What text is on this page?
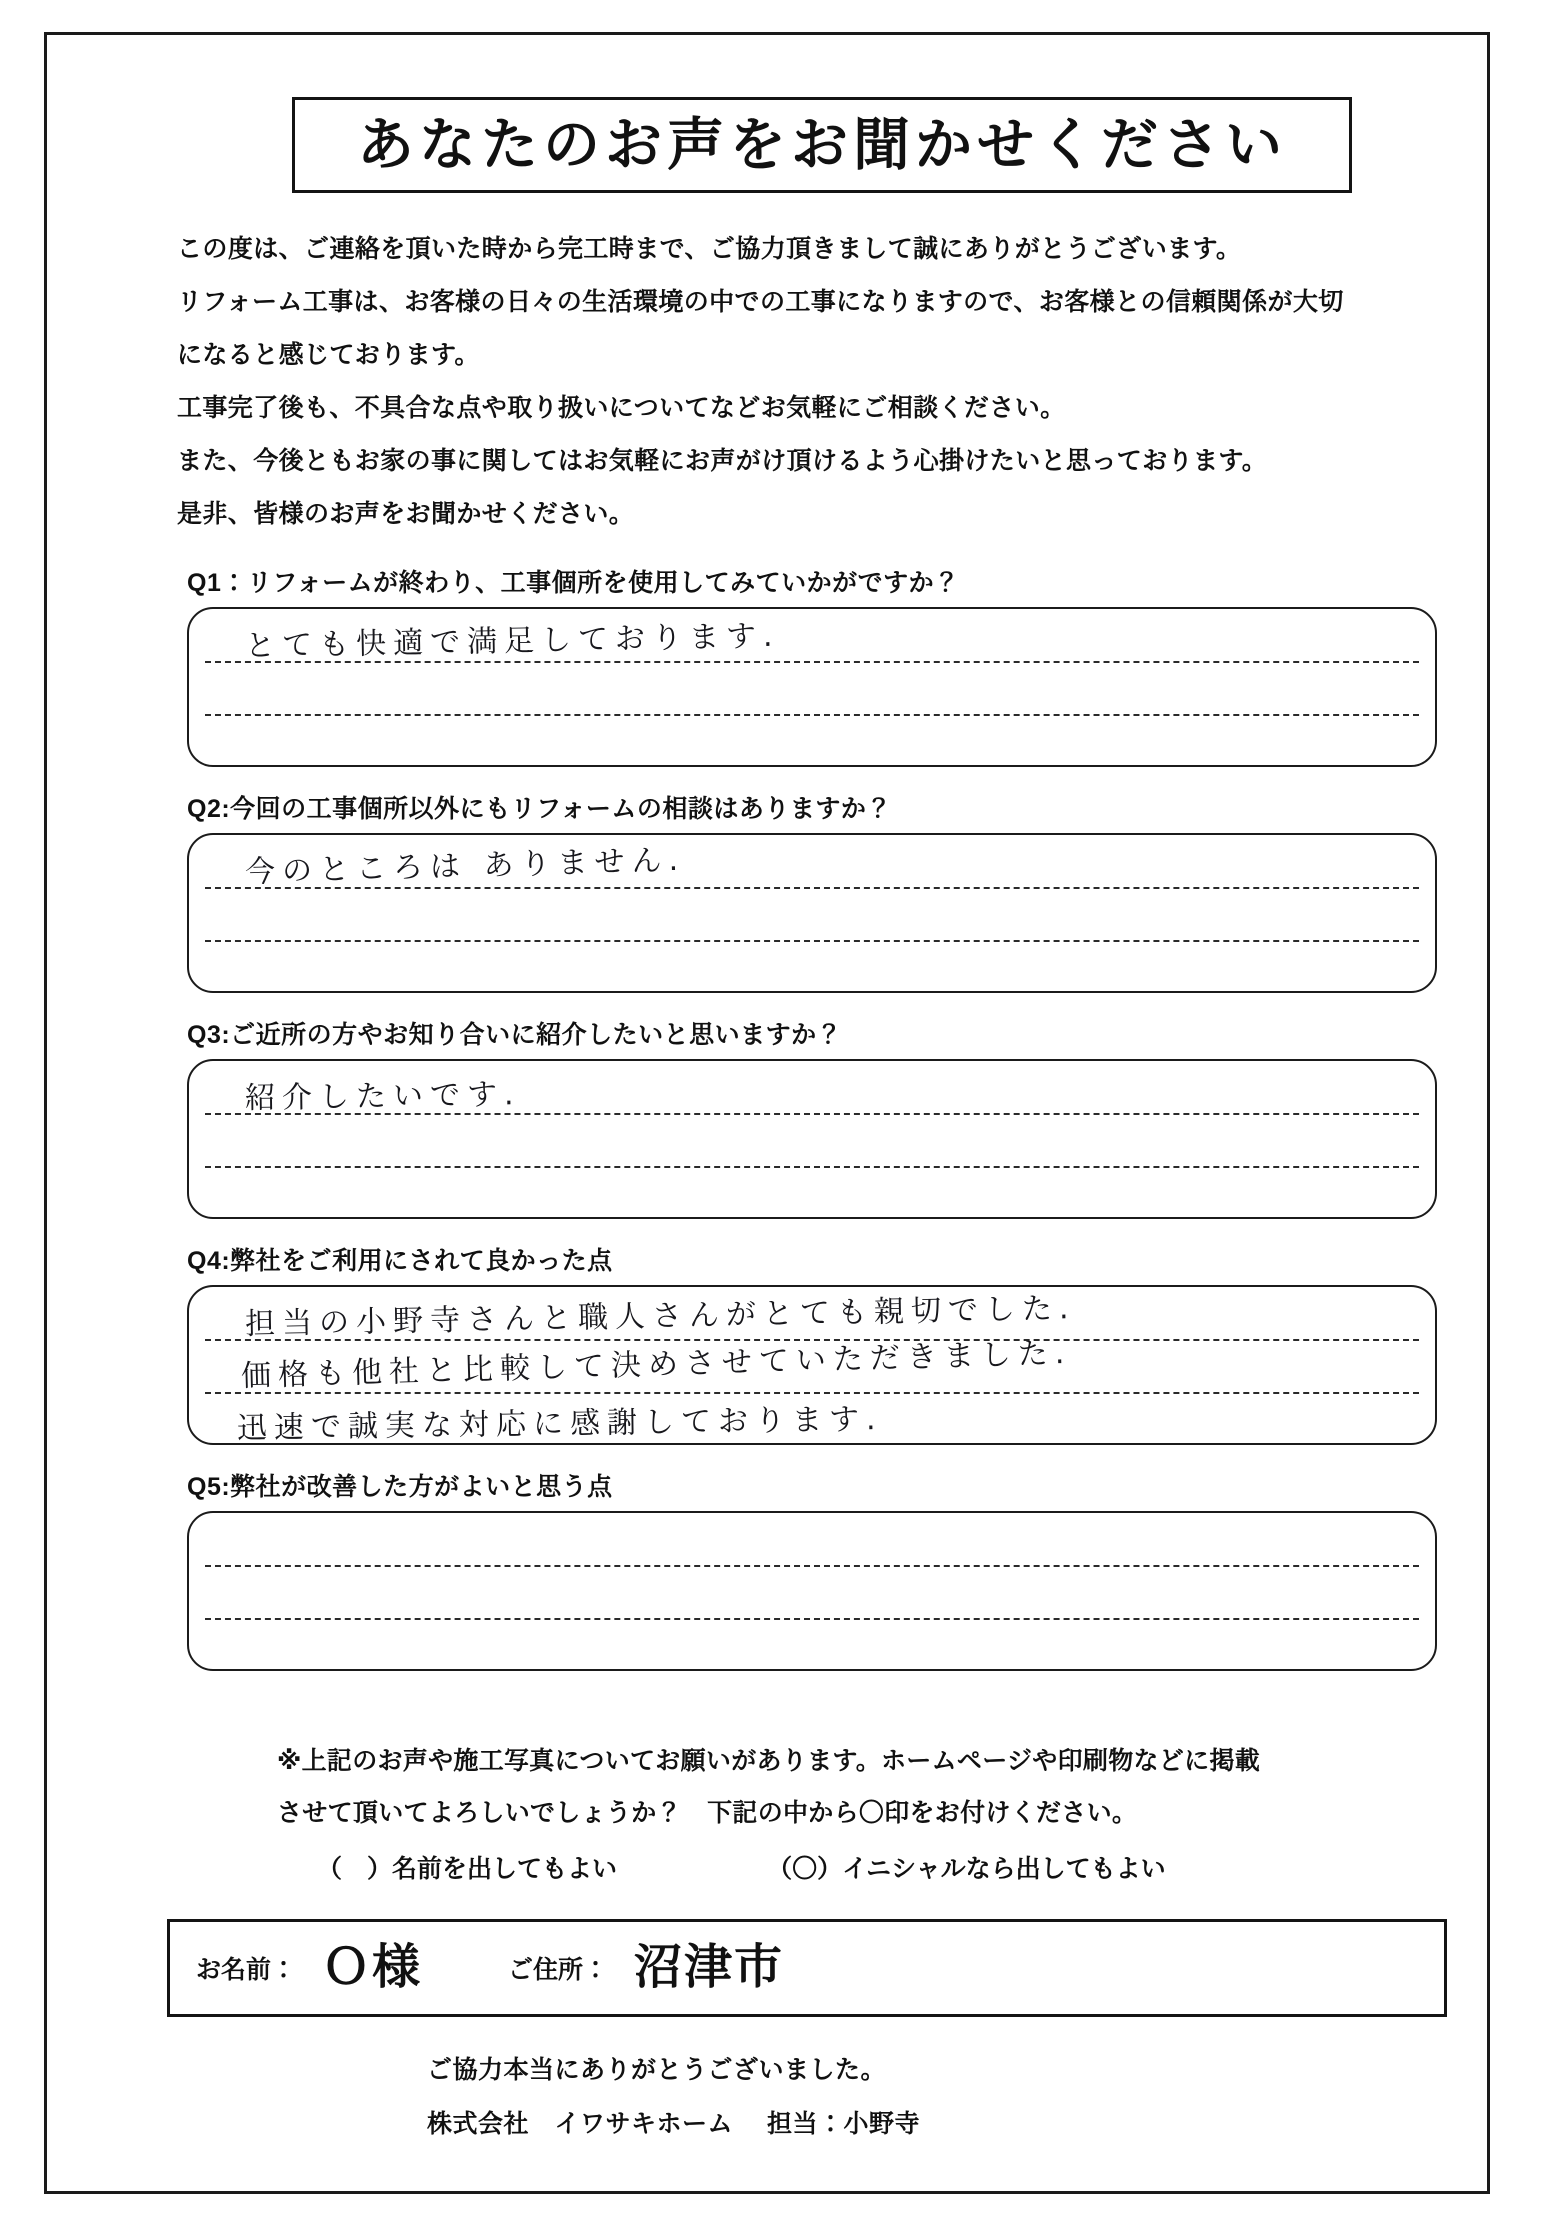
あなたのお声をお聞かせください
この度は、ご連絡を頂いた時から完工時まで、ご協力頂きまして誠にありがとうございます。
リフォーム工事は、お客様の日々の生活環境の中での工事になりますので、お客様との信頼関係が大切
になると感じております。
工事完了後も、不具合な点や取り扱いについてなどお気軽にご相談ください。
また、今後ともお家の事に関してはお気軽にお声がけ頂けるよう心掛けたいと思っております。
是非、皆様のお声をお聞かせください。
Q1：リフォームが終わり、工事個所を使用してみていかがですか？
とても快適で満足しております.
Q2:今回の工事個所以外にもリフォームの相談はありますか？
今のところは ありません.
Q3:ご近所の方やお知り合いに紹介したいと思いますか？
紹介したいです.
Q4:弊社をご利用にされて良かった点
担当の小野寺さんと職人さんがとても親切でした.
価格も他社と比較して決めさせていただきました.
迅速で誠実な対応に感謝しております.
Q5:弊社が改善した方がよいと思う点
※上記のお声や施工写真についてお願いがあります。ホームページや印刷物などに掲載
させて頂いてよろしいでしょうか？　下記の中から〇印をお付けください。
（　 ） 名前を出してもよい	（〇） イニシャルなら出してもよい
お名前： Ｏ様	ご住所： 沼津市
ご協力本当にありがとうございました。
株式会社　イワサキホーム 担当：小野寺
